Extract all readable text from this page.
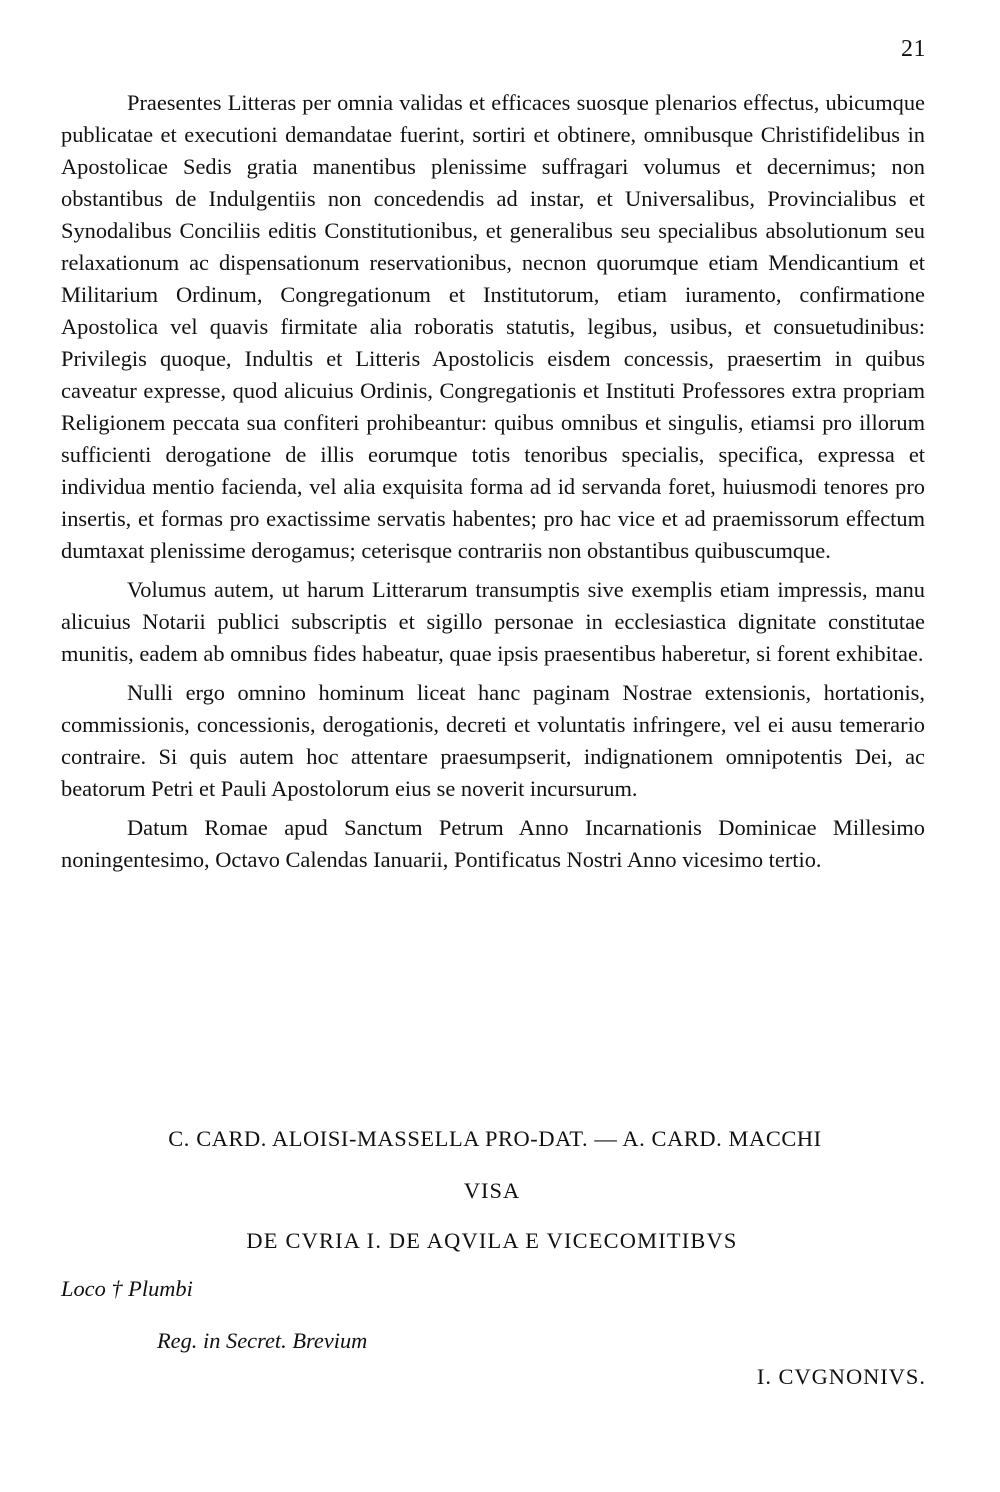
21

Praesentes Litteras per omnia validas et efficaces suosque plenarios effectus, ubicumque publicatae et executioni demandatae fuerint, sortiri et obtinere, omnibusque Christifidelibus in Apostolicae Sedis gratia manentibus plenissime suffragari volumus et decernimus; non obstantibus de Indulgentiis non concedendis ad instar, et Universalibus, Provincialibus et Synodalibus Conciliis editis Constitutionibus, et generalibus seu specialibus absolutionum seu relaxationum ac dispensationum reservationibus, necnon quorumque etiam Mendicantium et Militarium Ordinum, Congregationum et Institutorum, etiam iuramento, confirmatione Apostolica vel quavis firmitate alia roboratis statutis, legibus, usibus, et consuetudinibus: Privilegis quoque, Indultis et Litteris Apostolicis eisdem concessis, praesertim in quibus caveatur expresse, quod alicuius Ordinis, Congregationis et Instituti Professores extra propriam Religionem peccata sua confiteri prohibeantur: quibus omnibus et singulis, etiamsi pro illorum sufficienti derogatione de illis eorumque totis tenoribus specialis, specifica, expressa et individua mentio facienda, vel alia exquisita forma ad id servanda foret, huiusmodi tenores pro insertis, et formas pro exactissime servatis habentes; pro hac vice et ad praemissorum effectum dumtaxat plenissime derogamus; ceterisque contrariis non obstantibus quibuscumque.

Volumus autem, ut harum Litterarum transumptis sive exemplis etiam impressis, manu alicuius Notarii publici subscriptis et sigillo personae in ecclesiastica dignitate constitutae munitis, eadem ab omnibus fides habeatur, quae ipsis praesentibus haberetur, si forent exhibitae.

Nulli ergo omnino hominum liceat hanc paginam Nostrae extensionis, hortationis, commissionis, concessionis, derogationis, decreti et voluntatis infringere, vel ei ausu temerario contraire. Si quis autem hoc attentare praesumpserit, indignationem omnipotentis Dei, ac beatorum Petri et Pauli Apostolorum eius se noverit incursurum.

Datum Romae apud Sanctum Petrum Anno Incarnationis Dominicae Millesimo noningentesimo, Octavo Calendas Ianuarii, Pontificatus Nostri Anno vicesimo tertio.

C. CARD. ALOISI-MASSELLA PRO-DAT. — A. CARD. MACCHI
VISA
DE CVRIA I. DE AQVILA E VICECOMITIBVS
Loco † Plumbi
Reg. in Secret. Brevium
I. CVGNONIVS.
